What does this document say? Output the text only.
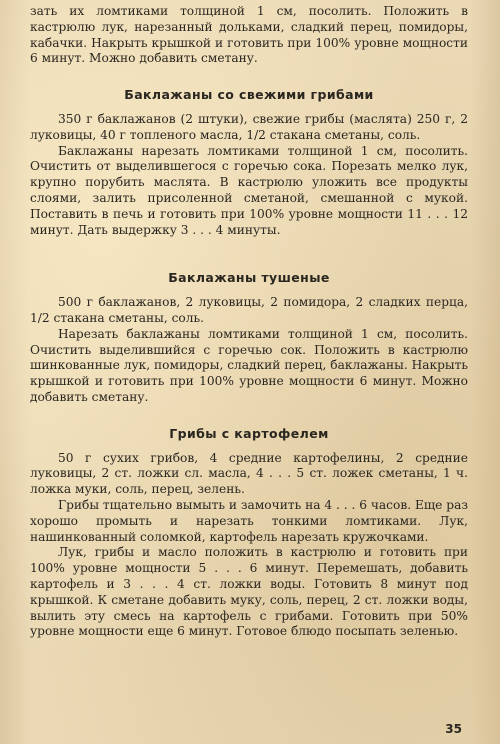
зать их ломтиками толщиной 1 см, посолить. Положить в кастрюлю лук, нарезанный дольками, сладкий перец, помидоры, кабачки. Накрыть крышкой и готовить при 100% уровне мощности 6 минут. Можно добавить сметану.

Баклажаны со свежими грибами

350 г баклажанов (2 штуки), свежие грибы (маслята) 250 г, 2 луковицы, 40 г топленого масла, 1/2 стакана сметаны, соль.

Баклажаны нарезать ломтиками толщиной 1 см, посолить. Очистить от выделившегося с горечью сока. Порезать мелко лук, крупно порубить маслята. В кастрюлю уложить все продукты слоями, залить присоленной сметаной, смешанной с мукой. Поставить в печь и готовить при 100% уровне мощности 11 . . . 12 минут. Дать выдержку 3 . . . 4 минуты.

Баклажаны тушеные

500 г баклажанов, 2 луковицы, 2 помидора, 2 сладких перца, 1/2 стакана сметаны, соль.

Нарезать баклажаны ломтиками толщиной 1 см, посолить. Очистить выделившийся с горечью сок. Положить в кастрюлю шинкованные лук, помидоры, сладкий перец, баклажаны. Накрыть крышкой и готовить при 100% уровне мощности 6 минут. Можно добавить сметану.

Грибы с картофелем

50 г сухих грибов, 4 средние картофелины, 2 средние луковицы, 2 ст. ложки сл. масла, 4 . . . 5 ст. ложек сметаны, 1 ч. ложка муки, соль, перец, зелень.

Грибы тщательно вымыть и замочить на 4 . . . 6 часов. Еще раз хорошо промыть и нарезать тонкими ломтиками. Лук, нашинкованный соломкой, картофель нарезать кружочками.

Лук, грибы и масло положить в кастрюлю и готовить при 100% уровне мощности 5 . . . 6 минут. Перемешать, добавить картофель и 3 . . . 4 ст. ложки воды. Готовить 8 минут под крышкой. К сметане добавить муку, соль, перец, 2 ст. ложки воды, вылить эту смесь на картофель с грибами. Готовить при 50% уровне мощности еще 6 минут. Готовое блюдо посыпать зеленью.

35
